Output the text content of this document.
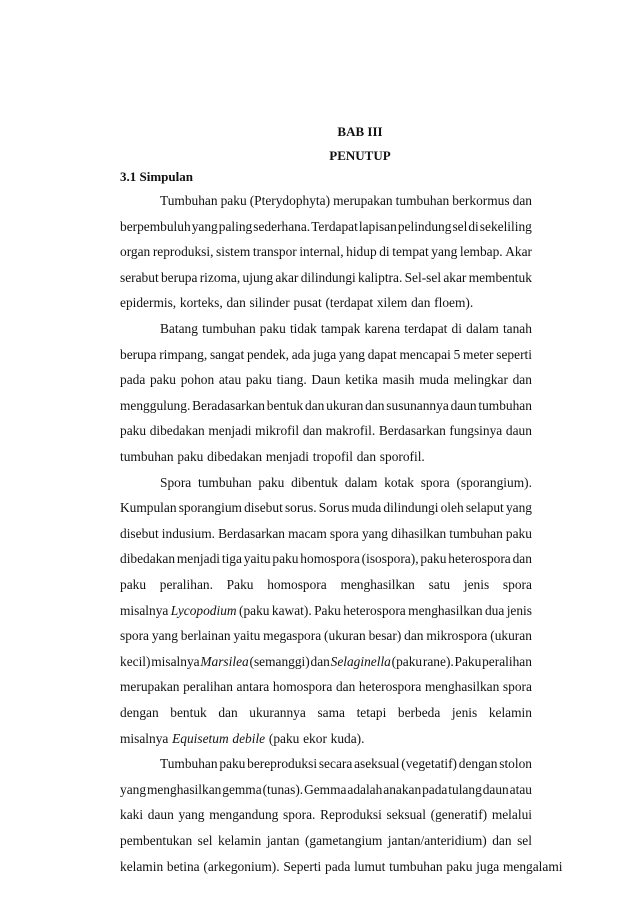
BAB III
PENUTUP
3.1 Simpulan
Tumbuhan paku (Pterydophyta) merupakan tumbuhan berkormus dan
berpembuluh yang paling sederhana. Terdapat lapisan pelindung sel di sekeliling
organ reproduksi, sistem transpor internal, hidup di tempat yang lembap. Akar
serabut berupa rizoma, ujung akar dilindungi kaliptra. Sel-sel akar membentuk
epidermis, korteks, dan silinder pusat (terdapat xilem dan floem).
Batang tumbuhan paku tidak tampak karena terdapat di dalam tanah
berupa rimpang, sangat pendek, ada juga yang dapat mencapai 5 meter seperti
pada paku pohon atau paku tiang. Daun ketika masih muda melingkar dan
menggulung. Beradasarkan bentuk dan ukuran dan susunannya daun tumbuhan
paku dibedakan menjadi mikrofil dan makrofil. Berdasarkan fungsinya daun
tumbuhan paku dibedakan menjadi tropofil dan sporofil.
Spora tumbuhan paku dibentuk dalam kotak spora (sporangium).
Kumpulan sporangium disebut sorus. Sorus muda dilindungi oleh selaput yang
disebut indusium. Berdasarkan macam spora yang dihasilkan tumbuhan paku
dibedakan menjadi tiga yaitu paku homospora (isospora), paku heterospora dan
paku peralihan. Paku homospora menghasilkan satu jenis spora
misalnya Lycopodium (paku kawat). Paku heterospora menghasilkan dua jenis
spora yang berlainan yaitu megaspora (ukuran besar) dan mikrospora (ukuran
kecil) misalnya Marsilea (semanggi) dan Selaginella (paku rane). Paku peralihan
merupakan peralihan antara homospora dan heterospora menghasilkan spora
dengan bentuk dan ukurannya sama tetapi berbeda jenis kelamin
misalnya Equisetum debile (paku ekor kuda).
Tumbuhan paku bereproduksi secara aseksual (vegetatif) dengan stolon
yang menghasilkan gemma (tunas). Gemma adalah anakan pada tulang daun atau
kaki daun yang mengandung spora. Reproduksi seksual (generatif) melalui
pembentukan sel kelamin jantan (gametangium jantan/anteridium) dan sel
kelamin betina (arkegonium). Seperti pada lumut tumbuhan paku juga mengalami
